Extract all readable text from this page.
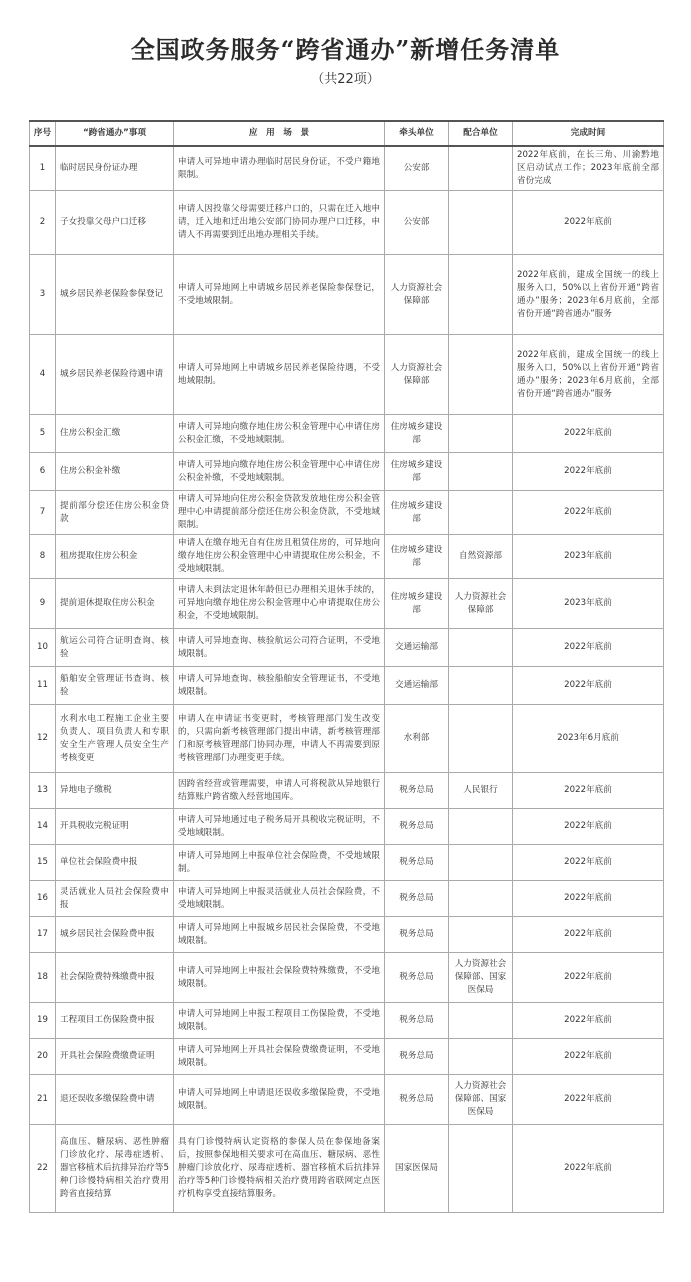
全国政务服务“跨省通办”新增任务清单
（共22项）
序号	“跨省通办”事项	应　用　场　景	牵头单位	配合单位	完成时间
1	临时居民身份证办理	申请人可异地申请办理临时居民身份证，不受户籍地限制。	公安部		2022年底前，在长三角、川渝黔地区启动试点工作；2023年底前全部省份完成
2	子女投靠父母户口迁移	申请人因投靠父母需要迁移户口的，只需在迁入地申请，迁入地和迁出地公安部门协同办理户口迁移，申请人不再需要到迁出地办理相关手续。	公安部		2022年底前
3	城乡居民养老保险参保登记	申请人可异地网上申请城乡居民养老保险参保登记，不受地域限制。	人力资源社会保障部		2022年底前，建成全国统一的线上服务入口，50%以上省份开通“跨省通办”服务；2023年6月底前，全部省份开通“跨省通办”服务
4	城乡居民养老保险待遇申请	申请人可异地网上申请城乡居民养老保险待遇，不受地域限制。	人力资源社会保障部		2022年底前，建成全国统一的线上服务入口，50%以上省份开通“跨省通办”服务；2023年6月底前，全部省份开通“跨省通办”服务
5	住房公积金汇缴	申请人可异地向缴存地住房公积金管理中心申请住房公积金汇缴，不受地域限制。	住房城乡建设部		2022年底前
6	住房公积金补缴	申请人可异地向缴存地住房公积金管理中心申请住房公积金补缴，不受地域限制。	住房城乡建设部		2022年底前
7	提前部分偿还住房公积金贷款	申请人可异地向住房公积金贷款发放地住房公积金管理中心申请提前部分偿还住房公积金贷款，不受地域限制。	住房城乡建设部		2022年底前
8	租房提取住房公积金	申请人在缴存地无自有住房且租赁住房的，可异地向缴存地住房公积金管理中心申请提取住房公积金，不受地域限制。	住房城乡建设部	自然资源部	2023年底前
9	提前退休提取住房公积金	申请人未到法定退休年龄但已办理相关退休手续的，可异地向缴存地住房公积金管理中心申请提取住房公积金，不受地域限制。	住房城乡建设部	人力资源社会保障部	2023年底前
10	航运公司符合证明查询、核验	申请人可异地查询、核验航运公司符合证明，不受地域限制。	交通运输部		2022年底前
11	船舶安全管理证书查询、核验	申请人可异地查询、核验船舶安全管理证书，不受地域限制。	交通运输部		2022年底前
12	水利水电工程施工企业主要负责人、项目负责人和专职安全生产管理人员安全生产考核变更	申请人在申请证书变更时，考核管理部门发生改变的，只需向新考核管理部门提出申请，新考核管理部门和原考核管理部门协同办理，申请人不再需要到原考核管理部门办理变更手续。	水利部		2023年6月底前
13	异地电子缴税	因跨省经营或管理需要，申请人可将税款从异地银行结算账户跨省缴入经营地国库。	税务总局	人民银行	2022年底前
14	开具税收完税证明	申请人可异地通过电子税务局开具税收完税证明，不受地域限制。	税务总局		2022年底前
15	单位社会保险费申报	申请人可异地网上申报单位社会保险费，不受地域限制。	税务总局		2022年底前
16	灵活就业人员社会保险费申报	申请人可异地网上申报灵活就业人员社会保险费，不受地域限制。	税务总局		2022年底前
17	城乡居民社会保险费申报	申请人可异地网上申报城乡居民社会保险费，不受地域限制。	税务总局		2022年底前
18	社会保险费特殊缴费申报	申请人可异地网上申报社会保险费特殊缴费，不受地域限制。	税务总局	人力资源社会保障部、国家医保局	2022年底前
19	工程项目工伤保险费申报	申请人可异地网上申报工程项目工伤保险费，不受地域限制。	税务总局		2022年底前
20	开具社会保险费缴费证明	申请人可异地网上开具社会保险费缴费证明，不受地域限制。	税务总局		2022年底前
21	退还误收多缴保险费申请	申请人可异地网上申请退还误收多缴保险费，不受地域限制。	税务总局	人力资源社会保障部、国家医保局	2022年底前
22	高血压、糖尿病、恶性肿瘤门诊放化疗、尿毒症透析、器官移植术后抗排异治疗等5种门诊慢特病相关治疗费用跨省直接结算	具有门诊慢特病认定资格的参保人员在参保地备案后，按照参保地相关要求可在高血压、糖尿病、恶性肿瘤门诊放化疗、尿毒症透析、器官移植术后抗排异治疗等5种门诊慢特病相关治疗费用跨省联网定点医疗机构享受直接结算服务。	国家医保局		2022年底前
